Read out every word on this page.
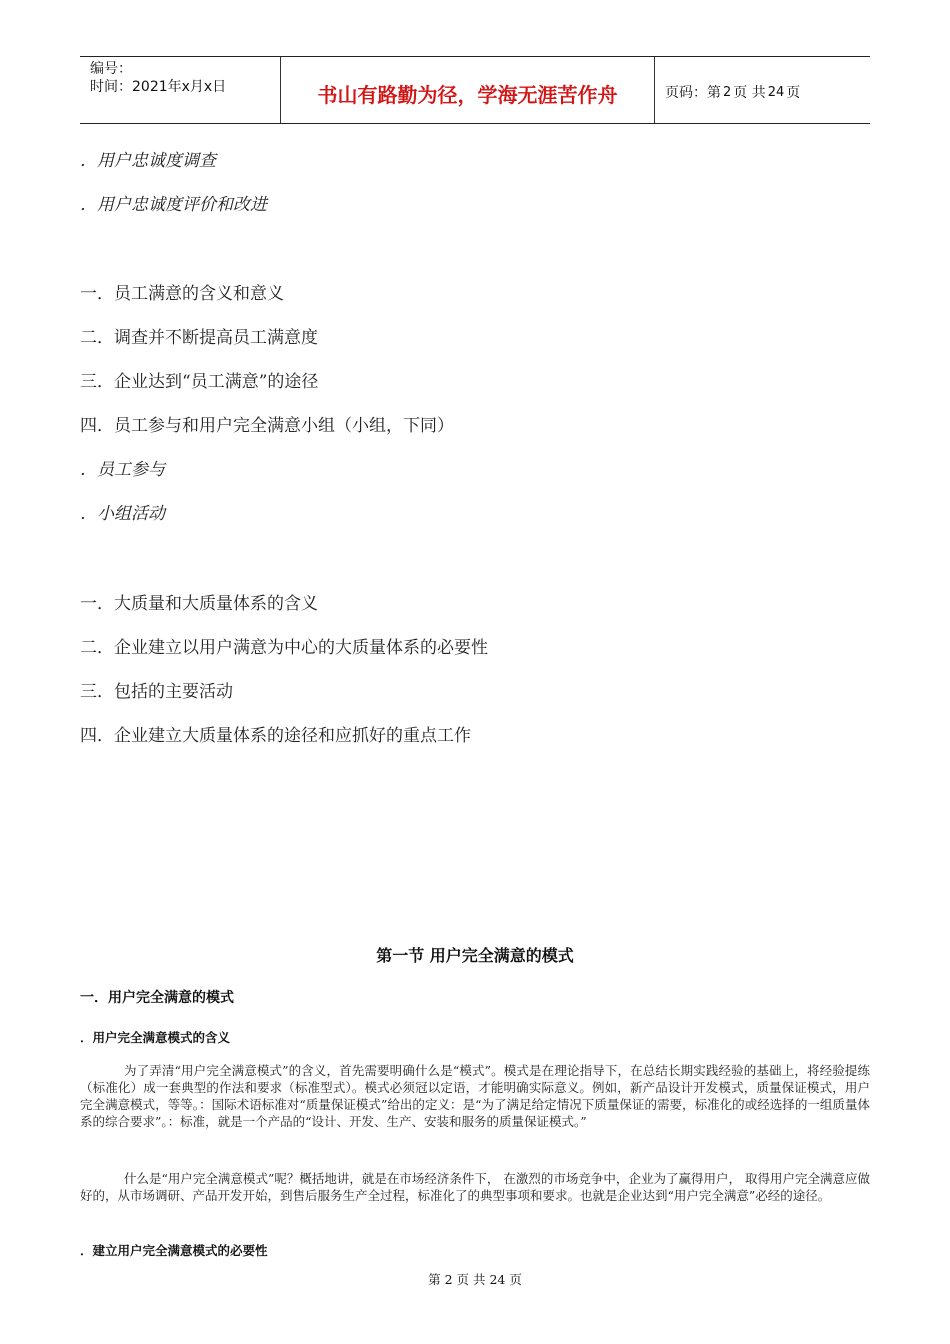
编号：
时间：2021年x月x日	书山有路勤为径，学海无涯苦作舟	页码：第 2 页 共 24 页
．用户忠诚度调查
．用户忠诚度评价和改进
一．员工满意的含义和意义
二．调查并不断提高员工满意度
三．企业达到“员工满意”的途径
四．员工参与和用户完全满意小组（小组，下同）
．员工参与
．小组活动
一．大质量和大质量体系的含义
二．企业建立以用户满意为中心的大质量体系的必要性
三．包括的主要活动
四．企业建立大质量体系的途径和应抓好的重点工作
第一节 用户完全满意的模式
一．用户完全满意的模式
．用户完全满意模式的含义

为了弄清“用户完全满意模式”的含义，首先需要明确什么是“模式”。模式是在理论指导下，在总结长期实践经验的基础上，将经验提练（标准化）成一套典型的作法和要求（标准型式）。模式必须冠以定语，才能明确实际意义。例如，新产品设计开发模式，质量保证模式，用户完全满意模式，等等。：国际术语标准对“质量保证模式”给出的定义：是“为了满足给定情况下质量保证的需要，标准化的或经选择的一组质量体系的综合要求”。：标准，就是一个产品的“设计、开发、生产、安装和服务的质量保证模式。”

什么是“用户完全满意模式”呢？概括地讲，就是在市场经济条件下， 在激烈的市场竞争中，企业为了赢得用户， 取得用户完全满意应做好的，从市场调研、产品开发开始，到售后服务生产全过程，标准化了的典型事项和要求。也就是企业达到“用户完全满意”必经的途径。

．建立用户完全满意模式的必要性
第 2 页 共 24 页
